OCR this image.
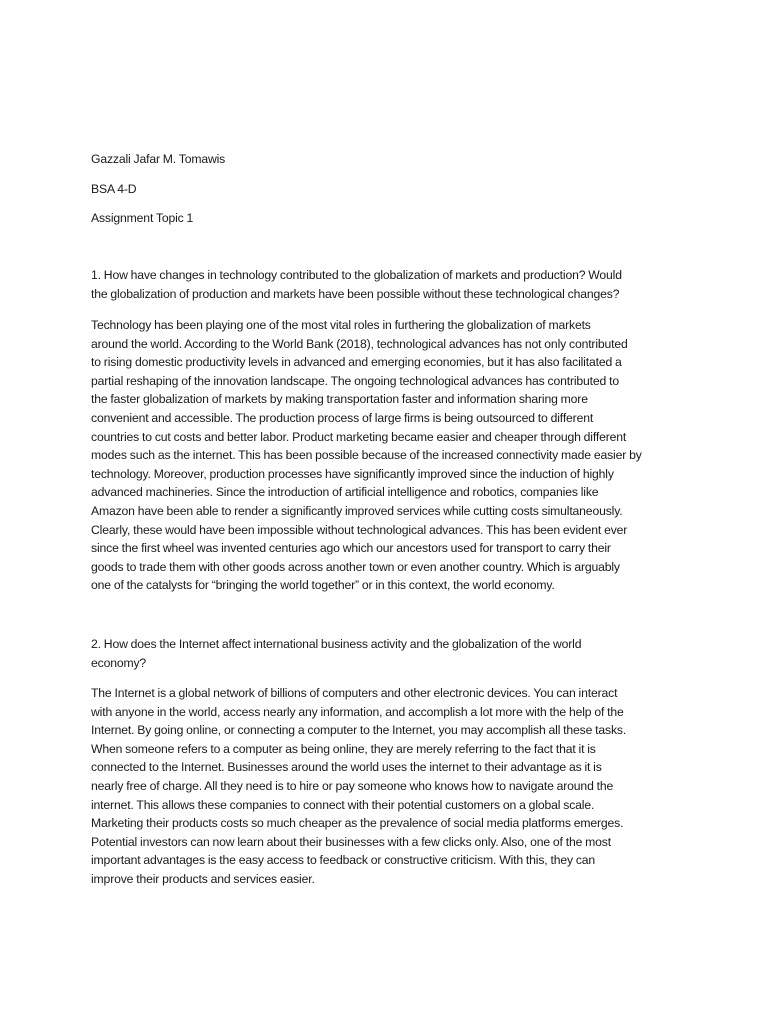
Gazzali Jafar M. Tomawis
BSA 4-D
Assignment Topic 1
1. How have changes in technology contributed to the globalization of markets and production? Would
the globalization of production and markets have been possible without these technological changes?
Technology has been playing one of the most vital roles in furthering the globalization of markets
around the world. According to the World Bank (2018), technological advances has not only contributed
to rising domestic productivity levels in advanced and emerging economies, but it has also facilitated a
partial reshaping of the innovation landscape. The ongoing technological advances has contributed to
the faster globalization of markets by making transportation faster and information sharing more
convenient and accessible. The production process of large firms is being outsourced to different
countries to cut costs and better labor. Product marketing became easier and cheaper through different
modes such as the internet. This has been possible because of the increased connectivity made easier by
technology. Moreover, production processes have significantly improved since the induction of highly
advanced machineries. Since the introduction of artificial intelligence and robotics, companies like
Amazon have been able to render a significantly improved services while cutting costs simultaneously.
Clearly, these would have been impossible without technological advances. This has been evident ever
since the first wheel was invented centuries ago which our ancestors used for transport to carry their
goods to trade them with other goods across another town or even another country. Which is arguably
one of the catalysts for “bringing the world together” or in this context, the world economy.
2. How does the Internet affect international business activity and the globalization of the world
economy?
The Internet is a global network of billions of computers and other electronic devices. You can interact
with anyone in the world, access nearly any information, and accomplish a lot more with the help of the
Internet. By going online, or connecting a computer to the Internet, you may accomplish all these tasks.
When someone refers to a computer as being online, they are merely referring to the fact that it is
connected to the Internet. Businesses around the world uses the internet to their advantage as it is
nearly free of charge. All they need is to hire or pay someone who knows how to navigate around the
internet. This allows these companies to connect with their potential customers on a global scale.
Marketing their products costs so much cheaper as the prevalence of social media platforms emerges.
Potential investors can now learn about their businesses with a few clicks only. Also, one of the most
important advantages is the easy access to feedback or constructive criticism. With this, they can
improve their products and services easier.
